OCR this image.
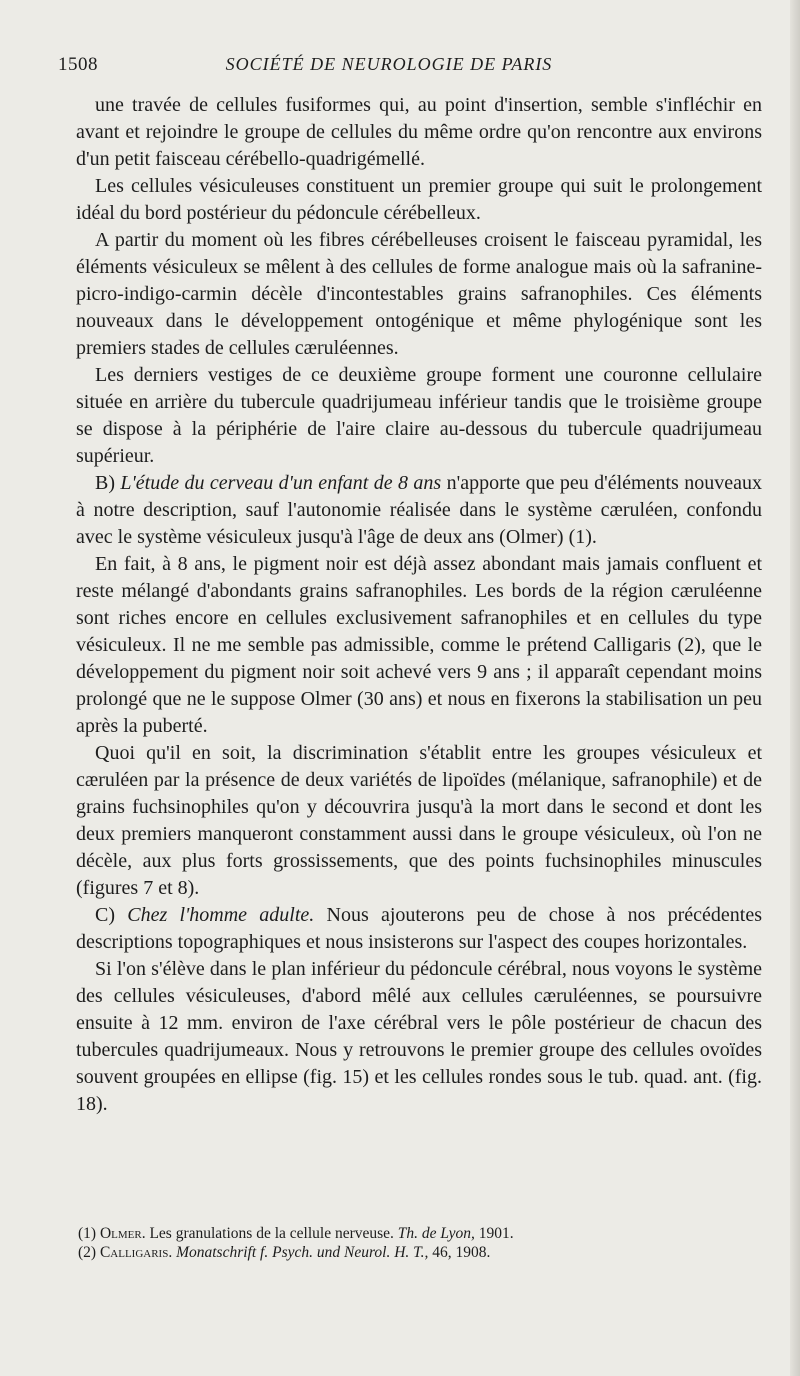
1508	SOCIÉTÉ DE NEUROLOGIE DE PARIS

une travée de cellules fusiformes qui, au point d'insertion, semble s'infléchir en avant et rejoindre le groupe de cellules du même ordre qu'on rencontre aux environs d'un petit faisceau cérébello-quadrigémellé.

Les cellules vésiculeuses constituent un premier groupe qui suit le prolongement idéal du bord postérieur du pédoncule cérébelleux.

A partir du moment où les fibres cérébelleuses croisent le faisceau pyramidal, les éléments vésiculeux se mêlent à des cellules de forme analogue mais où la safranine-picro-indigo-carmin décèle d'incontestables grains safranophiles. Ces éléments nouveaux dans le développement ontogénique et même phylogénique sont les premiers stades de cellules cæruléennes.

Les derniers vestiges de ce deuxième groupe forment une couronne cellulaire située en arrière du tubercule quadrijumeau inférieur tandis que le troisième groupe se dispose à la périphérie de l'aire claire au-dessous du tubercule quadrijumeau supérieur.

B) L'étude du cerveau d'un enfant de 8 ans n'apporte que peu d'éléments nouveaux à notre description, sauf l'autonomie réalisée dans le système cæruléen, confondu avec le système vésiculeux jusqu'à l'âge de deux ans (Olmer) (1).

En fait, à 8 ans, le pigment noir est déjà assez abondant mais jamais confluent et reste mélangé d'abondants grains safranophiles. Les bords de la région cæruléenne sont riches encore en cellules exclusivement safranophiles et en cellules du type vésiculeux. Il ne me semble pas admissible, comme le prétend Calligaris (2), que le développement du pigment noir soit achevé vers 9 ans ; il apparaît cependant moins prolongé que ne le suppose Olmer (30 ans) et nous en fixerons la stabilisation un peu après la puberté.

Quoi qu'il en soit, la discrimination s'établit entre les groupes vésiculeux et cæruléen par la présence de deux variétés de lipoïdes (mélanique, safranophile) et de grains fuchsinophiles qu'on y découvrira jusqu'à la mort dans le second et dont les deux premiers manqueront constamment aussi dans le groupe vésiculeux, où l'on ne décèle, aux plus forts grossissements, que des points fuchsinophiles minuscules (figures 7 et 8).

C) Chez l'homme adulte. Nous ajouterons peu de chose à nos précédentes descriptions topographiques et nous insisterons sur l'aspect des coupes horizontales.

Si l'on s'élève dans le plan inférieur du pédoncule cérébral, nous voyons le système des cellules vésiculeuses, d'abord mêlé aux cellules cæruléennes, se poursuivre ensuite à 12 mm. environ de l'axe cérébral vers le pôle postérieur de chacun des tubercules quadrijumeaux. Nous y retrouvons le premier groupe des cellules ovoïdes souvent groupées en ellipse (fig. 15) et les cellules rondes sous le tub. quad. ant. (fig. 18).

(1) Olmer. Les granulations de la cellule nerveuse. Th. de Lyon, 1901.

(2) Calligaris. Monatschrift f. Psych. und Neurol. H. T., 46, 1908.
